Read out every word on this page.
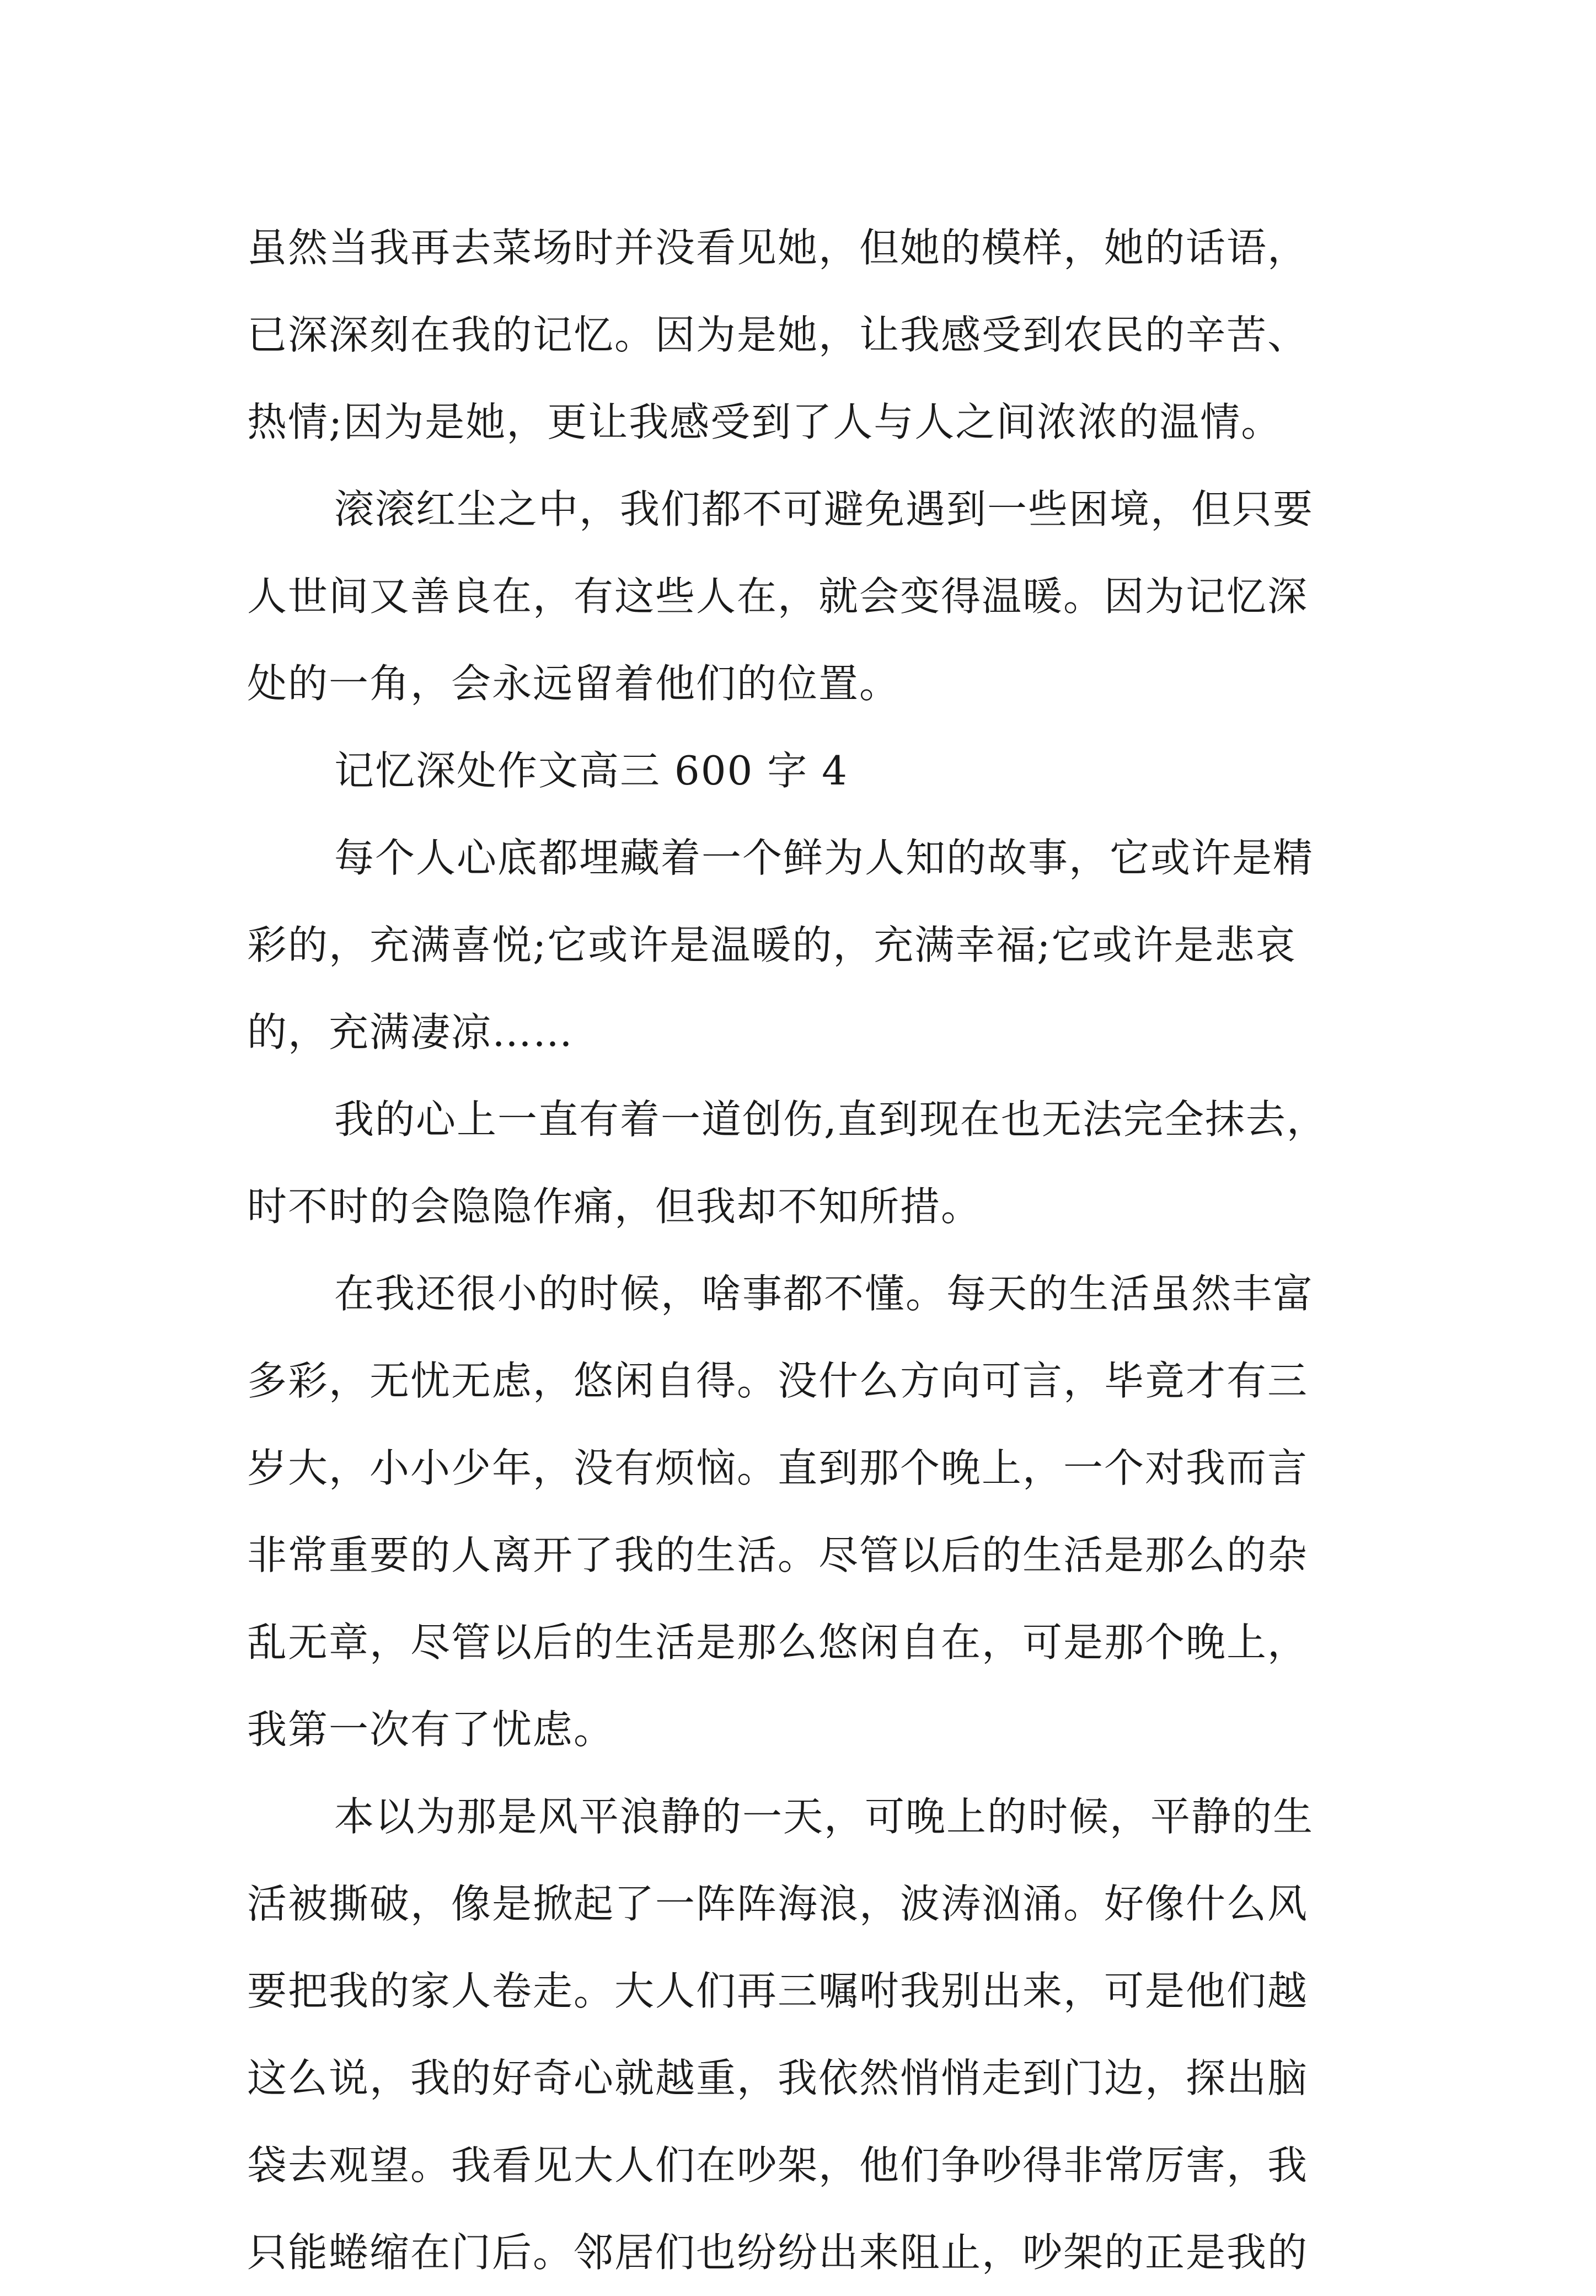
虽然当我再去菜场时并没看见她，但她的模样，她的话语，
已深深刻在我的记忆。因为是她，让我感受到农民的辛苦、
热情;因为是她，更让我感受到了人与人之间浓浓的温情。
滚滚红尘之中，我们都不可避免遇到一些困境，但只要
人世间又善良在，有这些人在，就会变得温暖。因为记忆深
处的一角，会永远留着他们的位置。
记忆深处作文高三 600 字 4
每个人心底都埋藏着一个鲜为人知的故事，它或许是精
彩的，充满喜悦;它或许是温暖的，充满幸福;它或许是悲哀
的，充满凄凉……
我的心上一直有着一道创伤,直到现在也无法完全抹去，
时不时的会隐隐作痛，但我却不知所措。
在我还很小的时候，啥事都不懂。每天的生活虽然丰富
多彩，无忧无虑，悠闲自得。没什么方向可言，毕竟才有三
岁大，小小少年，没有烦恼。直到那个晚上，一个对我而言
非常重要的人离开了我的生活。尽管以后的生活是那么的杂
乱无章，尽管以后的生活是那么悠闲自在，可是那个晚上，
我第一次有了忧虑。
本以为那是风平浪静的一天，可晚上的时候，平静的生
活被撕破，像是掀起了一阵阵海浪，波涛汹涌。好像什么风
要把我的家人卷走。大人们再三嘱咐我别出来，可是他们越
这么说，我的好奇心就越重，我依然悄悄走到门边，探出脑
袋去观望。我看见大人们在吵架，他们争吵得非常厉害，我
只能蜷缩在门后。邻居们也纷纷出来阻止，吵架的正是我的
